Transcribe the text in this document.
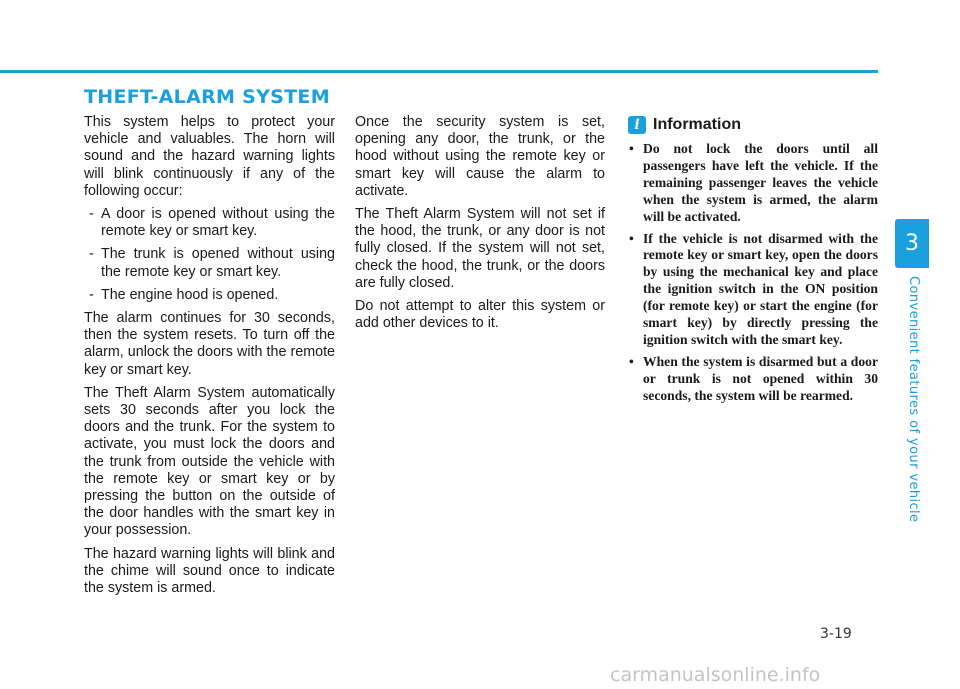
THEFT-ALARM SYSTEM

This system helps to protect your vehicle and valuables. The horn will sound and the hazard warning lights will blink continuously if any of the following occur:

- A door is opened without using the remote key or smart key.
- The trunk is opened without using the remote key or smart key.
- The engine hood is opened.

The alarm continues for 30 seconds, then the system resets. To turn off the alarm, unlock the doors with the remote key or smart key.

The Theft Alarm System automatically sets 30 seconds after you lock the doors and the trunk. For the system to activate, you must lock the doors and the trunk from outside the vehicle with the remote key or smart key or by pressing the button on the outside of the door handles with the smart key in your possession.

The hazard warning lights will blink and the chime will sound once to indicate the system is armed.

Once the security system is set, opening any door, the trunk, or the hood without using the remote key or smart key will cause the alarm to activate.

The Theft Alarm System will not set if the hood, the trunk, or any door is not fully closed. If the system will not set, check the hood, the trunk, or the doors are fully closed.

Do not attempt to alter this system or add other devices to it.

i Information
• Do not lock the doors until all passengers have left the vehicle. If the remaining passenger leaves the vehicle when the system is armed, the alarm will be activated.
• If the vehicle is not disarmed with the remote key or smart key, open the doors by using the mechanical key and place the ignition switch in the ON position (for remote key) or start the engine (for smart key) by directly pressing the ignition switch with the smart key.
• When the system is disarmed but a door or trunk is not opened within 30 seconds, the system will be rearmed.
3
Convenient features of your vehicle
3-19
carmanualsonline.info
